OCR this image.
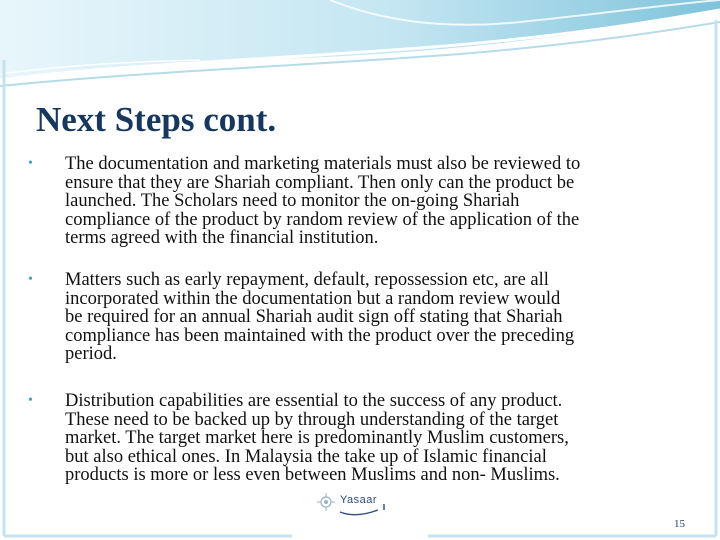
Next Steps cont.
• The documentation and marketing materials must also be reviewed to
ensure that they are Shariah compliant. Then only can the product be
launched. The Scholars need to monitor the on-going Shariah
compliance of the product by random review of the application of the
terms agreed with the financial institution.
• Matters such as early repayment, default, repossession etc, are all
incorporated within the documentation but a random review would
be required for an annual Shariah audit sign off stating that Shariah
compliance has been maintained with the product over the preceding
period.
• Distribution capabilities are essential to the success of any product.
These need to be backed up by through understanding of the target
market. The target market here is predominantly Muslim customers,
but also ethical ones. In Malaysia the take up of Islamic financial
products is more or less even between Muslims and non- Muslims.
Yasaar
15
